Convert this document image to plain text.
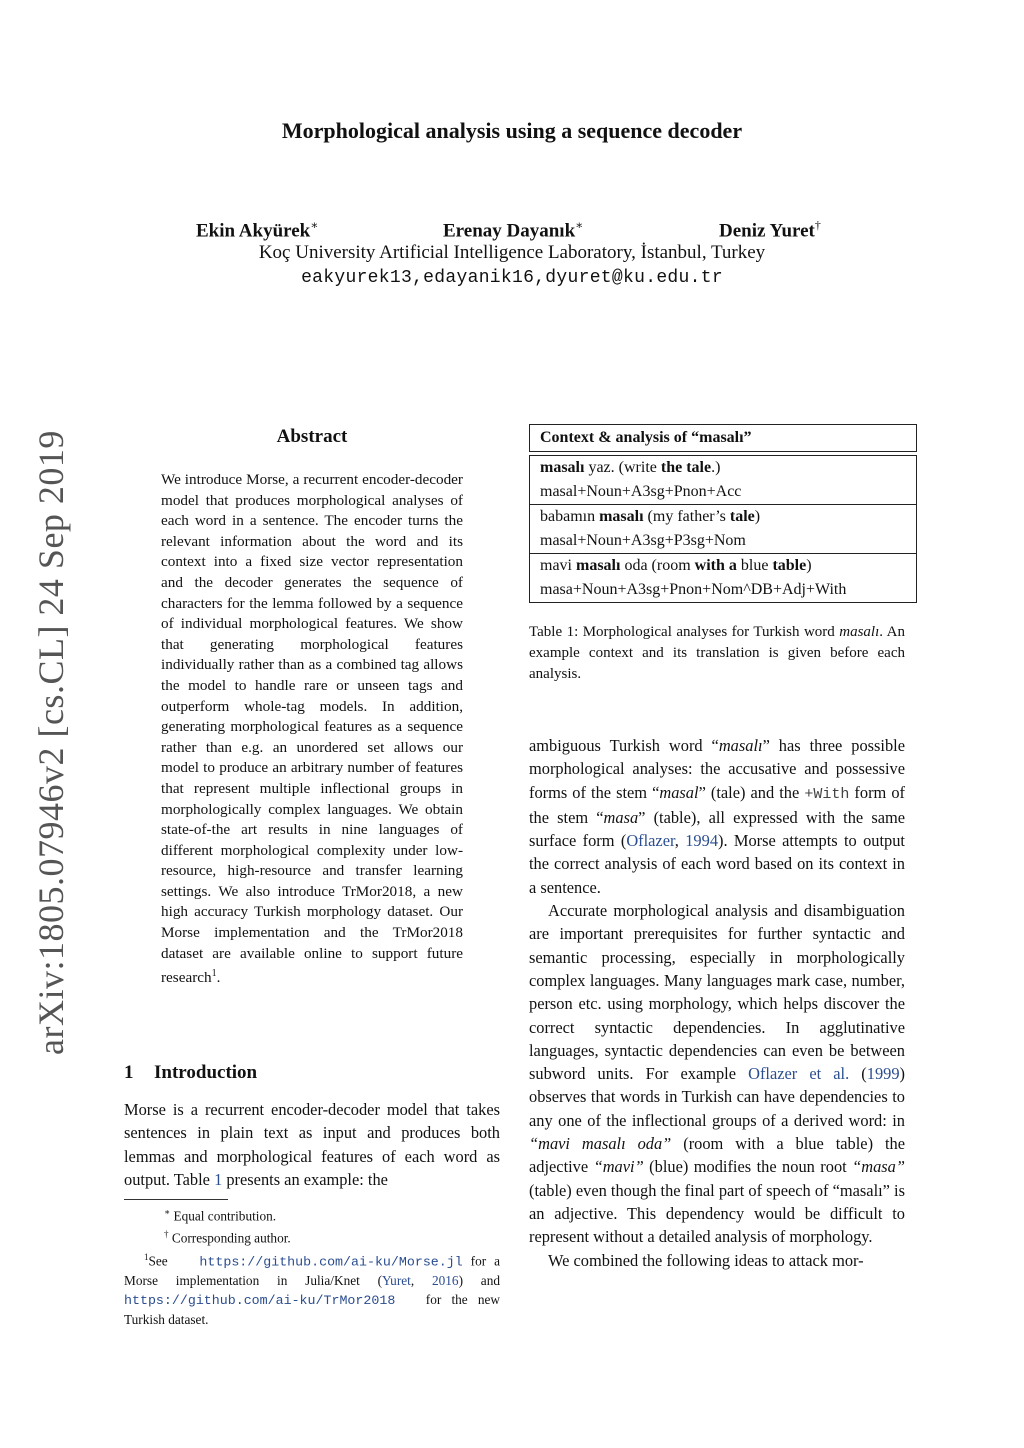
Morphological analysis using a sequence decoder
Ekin Akyürek∗	Erenay Dayanık∗	Deniz Yuret†
Koç University Artificial Intelligence Laboratory, İstanbul, Turkey
eakyurek13,edayanik16,dyuret@ku.edu.tr
arXiv:1805.07946v2 [cs.CL] 24 Sep 2019	Abstract
We introduce Morse, a recurrent encoder-decoder model that produces morphological analyses of each word in a sentence. The encoder turns the relevant information about the word and its context into a fixed size vector representation and the decoder generates the sequence of characters for the lemma followed by a sequence of individual morphological features. We show that generating morphological features individually rather than as a combined tag allows the model to handle rare or unseen tags and outperform whole-tag models. In addition, generating morphological features as a sequence rather than e.g. an unordered set allows our model to produce an arbitrary number of features that represent multiple inflectional groups in morphologically complex languages. We obtain state-of-the art results in nine languages of different morphological complexity under low-resource, high-resource and transfer learning settings. We also introduce TrMor2018, a new high accuracy Turkish morphology dataset. Our Morse implementation and the TrMor2018 dataset are available online to support future research$^1$.
1 Introduction
Morse is a recurrent encoder-decoder model that takes sentences in plain text as input and produces both lemmas and morphological features of each word as output. Table 1 presents an example: the
∗ Equal contribution.
† Corresponding author.
$^1$See https://github.com/ai-ku/Morse.jl for a Morse implementation in Julia/Knet (Yuret, 2016) and https://github.com/ai-ku/TrMor2018 for the new Turkish dataset.
Context & analysis of “masalı”
masalı yaz. (write the tale.)
masal+Noun+A3sg+Pnon+Acc
babamın masalı (my father’s tale)
masal+Noun+A3sg+P3sg+Nom
mavi masalı oda (room with a blue table)
masa+Noun+A3sg+Pnon+Nom^DB+Adj+With
Table 1: Morphological analyses for Turkish word masalı. An example context and its translation is given before each analysis.

ambiguous Turkish word “masalı” has three possible morphological analyses: the accusative and possessive forms of the stem “masal” (tale) and the +With form of the stem “masa” (table), all expressed with the same surface form (Oflazer, 1994). Morse attempts to output the correct analysis of each word based on its context in a sentence.

Accurate morphological analysis and disambiguation are important prerequisites for further syntactic and semantic processing, especially in morphologically complex languages. Many languages mark case, number, person etc. using morphology, which helps discover the correct syntactic dependencies. In agglutinative languages, syntactic dependencies can even be between subword units. For example Oflazer et al. (1999) observes that words in Turkish can have dependencies to any one of the inflectional groups of a derived word: in “mavi masalı oda” (room with a blue table) the adjective “mavi” (blue) modifies the noun root “masa” (table) even though the final part of speech of “masalı” is an adjective. This dependency would be difficult to represent without a detailed analysis of morphology.

We combined the following ideas to attack mor-
